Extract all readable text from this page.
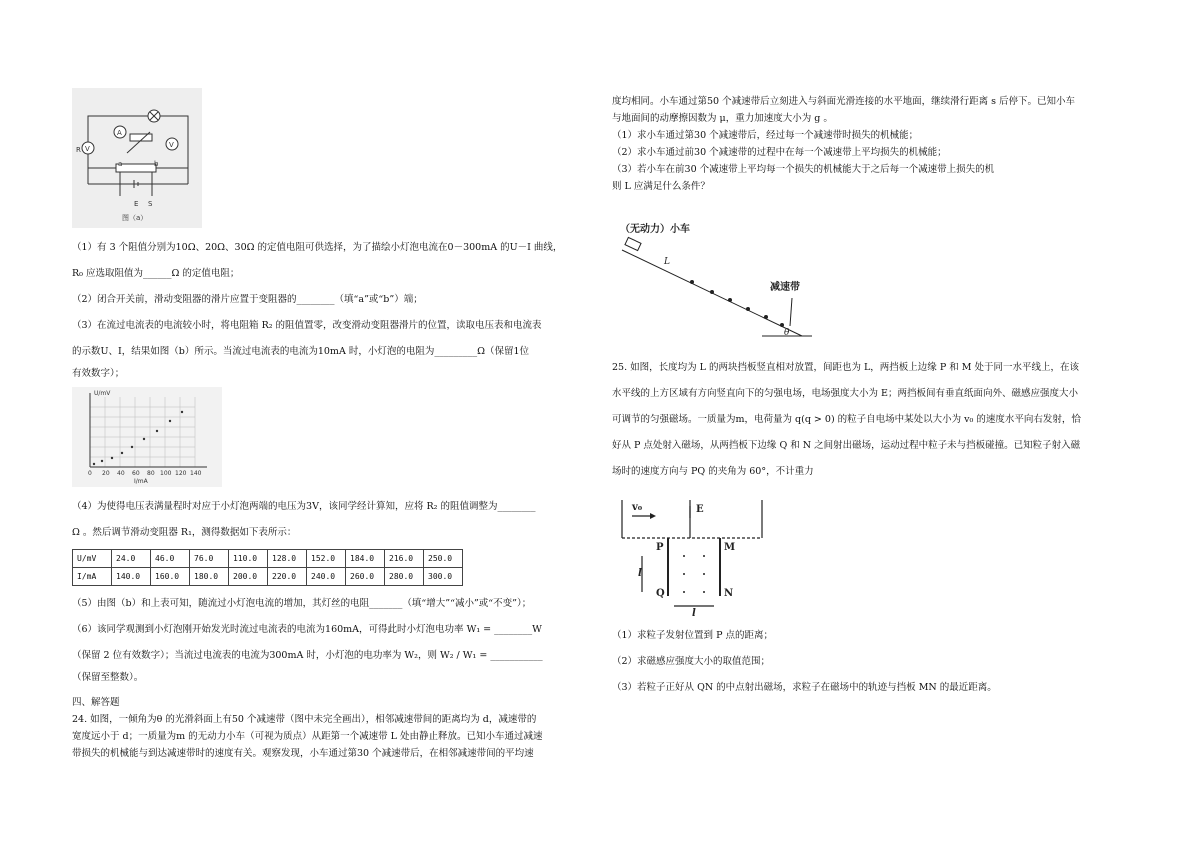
A
V
V
R
a	b
E S
图（a）

（1）有 3 个阻值分别为10Ω、20Ω、30Ω 的定值电阻可供选择，为了描绘小灯泡电流在0－300mA 的U－I 曲线，

R₀ 应选取阻值为______Ω 的定值电阻；

（2）闭合开关前，滑动变阻器的滑片应置于变阻器的________（填“a”或“b”）端；

（3）在流过电流表的电流较小时，将电阻箱 R₂ 的阻值置零，改变滑动变阻器滑片的位置，读取电压表和电流表

的示数U、I，结果如图（b）所示。当流过电流表的电流为10mA 时，小灯泡的电阻为_________Ω（保留1位

有效数字）；

U/mV
I/mA
0 20 40 60 80 100 120 140

（4）为使得电压表满量程时对应于小灯泡两端的电压为3V，该同学经计算知，应将 R₂ 的阻值调整为________

Ω 。然后调节滑动变阻器 R₁，测得数据如下表所示：

U/mV	24.0	46.0	76.0	110.0	128.0	152.0	184.0	216.0	250.0
I/mA	140.0	160.0	180.0	200.0	220.0	240.0	260.0	280.0	300.0

（5）由图（b）和上表可知，随流过小灯泡电流的增加，其灯丝的电阻_______（填“增大”“减小”或“不变”）；

（6）该同学观测到小灯泡刚开始发光时流过电流表的电流为160mA，可得此时小灯泡电功率 W₁ = ________W

（保留 2 位有效数字）；当流过电流表的电流为300mA 时，小灯泡的电功率为 W₂，则 W₂ / W₁ = ___________

（保留至整数）。

四、解答题

24. 如图，一倾角为θ 的光滑斜面上有50 个减速带（图中未完全画出），相邻减速带间的距离均为 d，减速带的

宽度远小于 d；一质量为m 的无动力小车（可视为质点）从距第一个减速带 L 处由静止释放。已知小车通过减速

带损失的机械能与到达减速带时的速度有关。观察发现，小车通过第30 个减速带后，在相邻减速带间的平均速

度均相同。小车通过第50 个减速带后立刻进入与斜面光滑连接的水平地面，继续滑行距离 s 后停下。已知小车

与地面间的动摩擦因数为 μ，重力加速度大小为 g 。

（1）求小车通过第30 个减速带后，经过每一个减速带时损失的机械能；

（2）求小车通过前30 个减速带的过程中在每一个减速带上平均损失的机械能；

（3）若小车在前30 个减速带上平均每一个损失的机械能大于之后每一个减速带上损失的机

则 L 应满足什么条件？

（无动力）小车
减速带
L
θ

25. 如图，长度均为 L 的两块挡板竖直相对放置，间距也为 L，两挡板上边缘 P 和 M 处于同一水平线上，在该

水平线的上方区域有方向竖直向下的匀强电场，电场强度大小为 E；两挡板间有垂直纸面向外、磁感应强度大小

可调节的匀强磁场。一质量为m，电荷量为 q(q > 0) 的粒子自电场中某处以大小为 v₀ 的速度水平向右发射，恰

好从 P 点处射入磁场，从两挡板下边缘 Q 和 N 之间射出磁场，运动过程中粒子未与挡板碰撞。已知粒子射入磁

场时的速度方向与 PQ 的夹角为 60°，不计重力

v₀	E
P	M
Q	N
l
l

（1）求粒子发射位置到 P 点的距离；

（2）求磁感应强度大小的取值范围；

（3）若粒子正好从 QN 的中点射出磁场，求粒子在磁场中的轨迹与挡板 MN 的最近距离。
